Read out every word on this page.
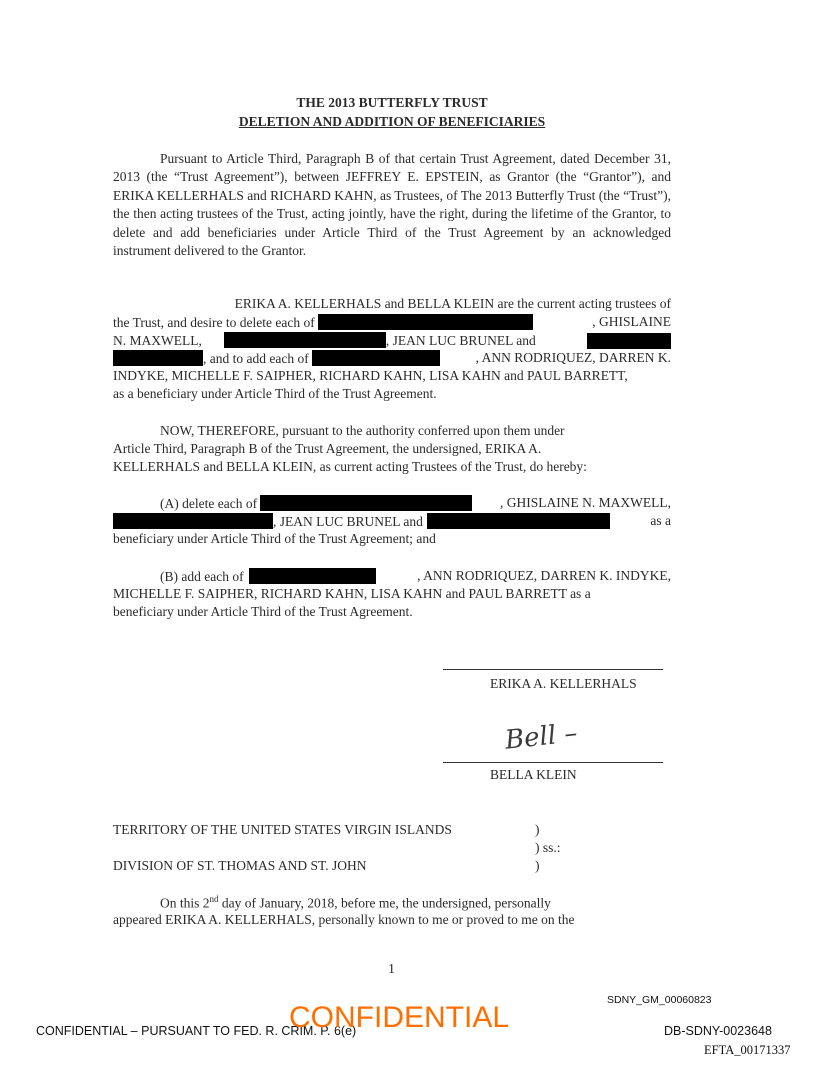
THE 2013 BUTTERFLY TRUST
DELETION AND ADDITION OF BENEFICIARIES
Pursuant to Article Third, Paragraph B of that certain Trust Agreement, dated December 31, 2013 (the “Trust Agreement”), between JEFFREY E. EPSTEIN, as Grantor (the “Grantor”), and ERIKA KELLERHALS and RICHARD KAHN, as Trustees, of The 2013 Butterfly Trust (the “Trust”), the then acting trustees of the Trust, acting jointly, have the right, during the lifetime of the Grantor, to delete and add beneficiaries under Article Third of the Trust Agreement by an acknowledged instrument delivered to the Grantor.
ERIKA A. KELLERHALS and BELLA KLEIN are the current acting trustees of
the Trust, and desire to delete each of	, GHISLAINE
N. MAXWELL,	, JEAN LUC BRUNEL and
, and to add each of	, ANN RODRIQUEZ, DARREN K.
INDYKE, MICHELLE F. SAIPHER, RICHARD KAHN, LISA KAHN and PAUL BARRETT,
as a beneficiary under Article Third of the Trust Agreement.
NOW, THEREFORE, pursuant to the authority conferred upon them under
Article Third, Paragraph B of the Trust Agreement, the undersigned, ERIKA A.
KELLERHALS and BELLA KLEIN, as current acting Trustees of the Trust, do hereby:
(A) delete each of	, GHISLAINE N. MAXWELL,
, JEAN LUC BRUNEL and	as a
beneficiary under Article Third of the Trust Agreement; and
(B) add each of	, ANN RODRIQUEZ, DARREN K. INDYKE,
MICHELLE F. SAIPHER, RICHARD KAHN, LISA KAHN and PAUL BARRETT as a
beneficiary under Article Third of the Trust Agreement.
ERIKA A. KELLERHALS
Bell –
BELLA KLEIN
TERRITORY OF THE UNITED STATES VIRGIN ISLANDS	)
) ss.:
DIVISION OF ST. THOMAS AND ST. JOHN	)
On this 2nd day of January, 2018, before me, the undersigned, personally
appeared ERIKA A. KELLERHALS, personally known to me or proved to me on the
1
SDNY_GM_00060823
CONFIDENTIAL – PURSUANT TO FED. R. CRIM. P. 6(e)
CONFIDENTIAL	DB-SDNY-0023648
EFTA_00171337
